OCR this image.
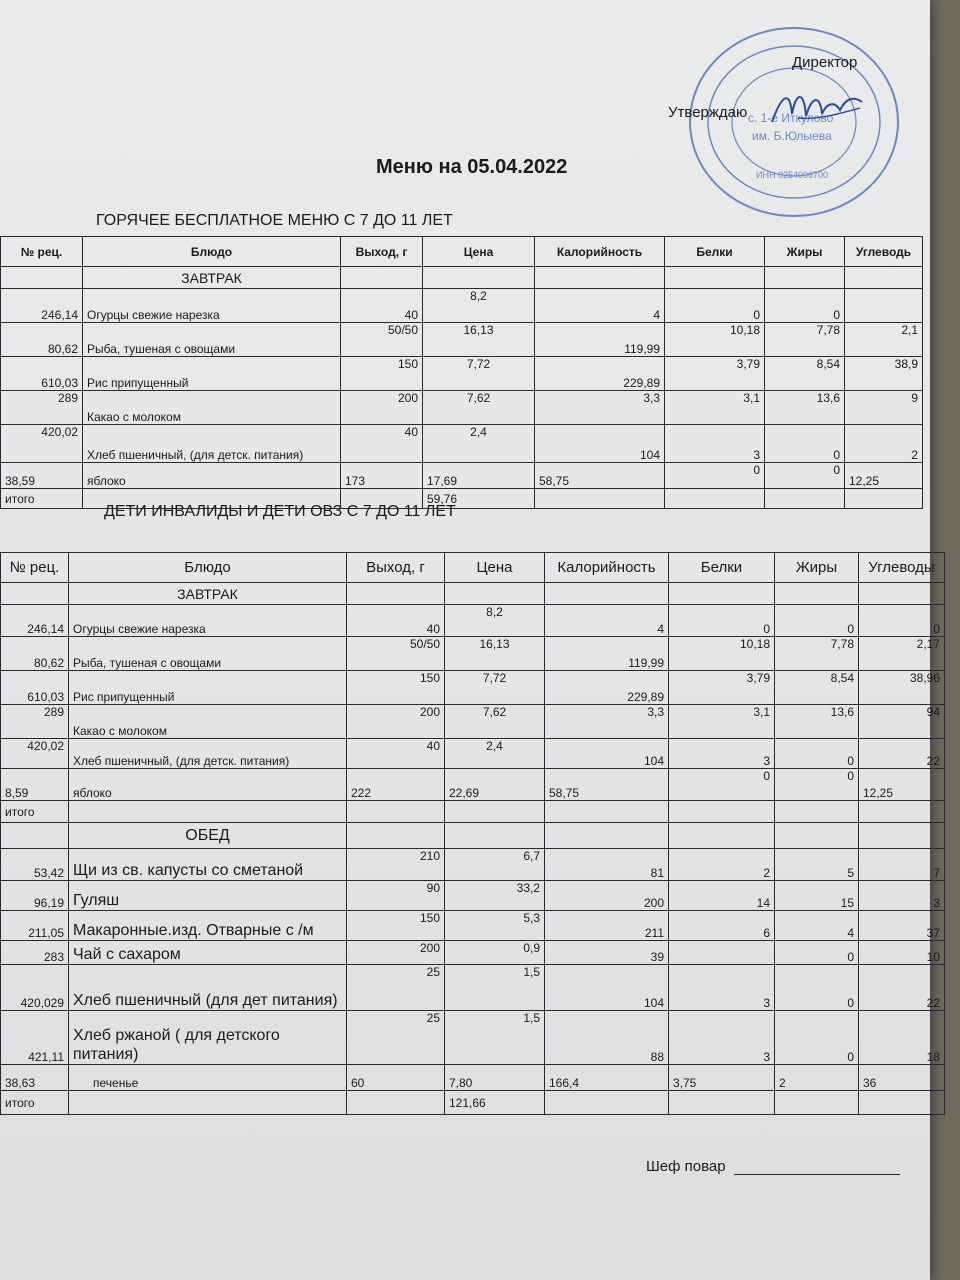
с. 1-е Иткулово
им. Б.Юлыева
ИНН 0254006700
Директор
Утверждаю
Меню на 05.04.2022
ГОРЯЧЕЕ БЕСПЛАТНОЕ МЕНЮ С 7 ДО 11 ЛЕТ
№ рец.	Блюдо	Выход, г	Цена	Калорийность	Белки	Жиры	Углеводь
	ЗАВТРАК						
246,14	Огурцы свежие нарезка	40	8,2	4	0	0	
80,62	Рыба, тушеная с овощами	50/50	16,13	119,99	10,18	7,78	2,1
610,03	Рис припущенный	150	7,72	229,89	3,79	8,54	38,9
289	Какао с молоком	200	7,62	3,3	3,1	13,6	9
420,02	Хлеб пшеничный, (для детск. питания)	40	2,4	104	3	0	2
38,59	яблоко	173	17,69	58,75	0	0	12,25
итого			59,76				
ДЕТИ ИНВАЛИДЫ И ДЕТИ ОВЗ С 7 ДО 11 ЛЕТ
№ рец.	Блюдо	Выход, г	Цена	Калорийность	Белки	Жиры	Углеводы
	ЗАВТРАК						
246,14	Огурцы свежие нарезка	40	8,2	4	0	0	0
80,62	Рыба, тушеная с овощами	50/50	16,13	119,99	10,18	7,78	2,17
610,03	Рис припущенный	150	7,72	229,89	3,79	8,54	38,96
289	Какао с молоком	200	7,62	3,3	3,1	13,6	94
420,02	Хлеб пшеничный, (для детск. питания)	40	2,4	104	3	0	22
8,59	яблоко	222	22,69	58,75	0	0	12,25
итого							
	ОБЕД						
53,42	Щи из св. капусты со сметаной	210	6,7	81	2	5	7
96,19	Гуляш	90	33,2	200	14	15	3
211,05	Макаронные.изд. Отварные с /м	150	5,3	211	6	4	37
283	Чай с сахаром	200	0,9	39		0	10
420,029	Хлеб пшеничный (для дет питания)	25	1,5	104	3	0	22
421,11	Хлеб ржаной ( для детского питания)	25	1,5	88	3	0	18
38,63	печенье	60	7,80	166,4	3,75	2	36
итого			121,66				
Шеф повар
